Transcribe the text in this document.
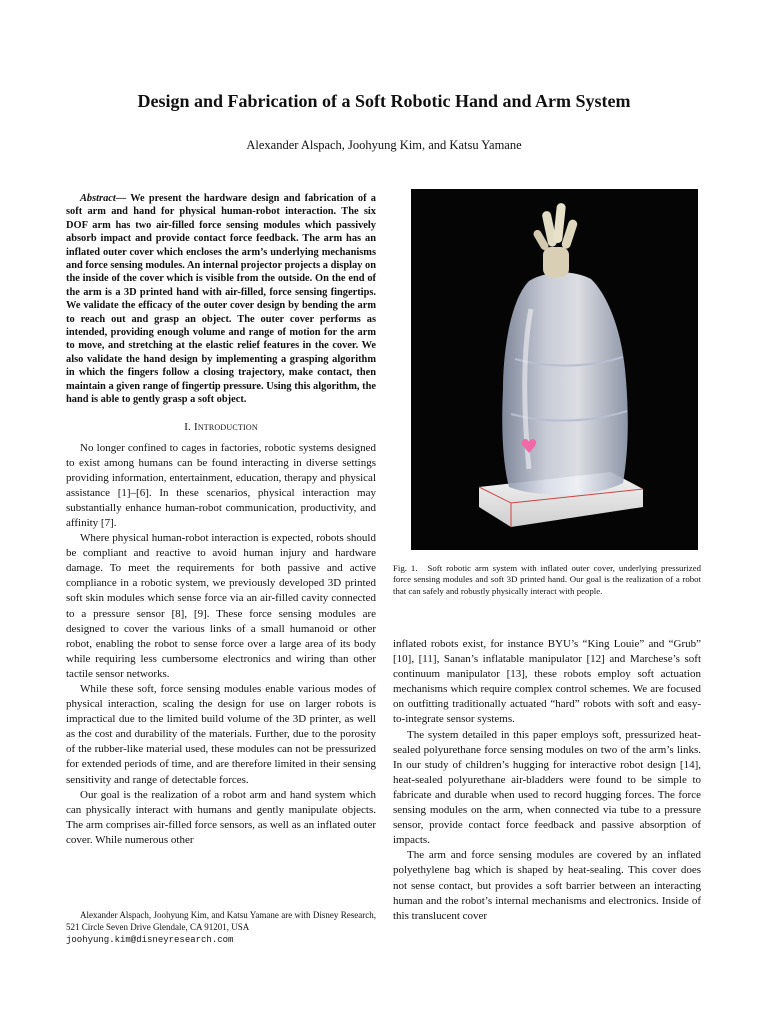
Design and Fabrication of a Soft Robotic Hand and Arm System
Alexander Alspach, Joohyung Kim, and Katsu Yamane

Abstract— We present the hardware design and fabrication of a soft arm and hand for physical human-robot interaction. The six DOF arm has two air-filled force sensing modules which passively absorb impact and provide contact force feedback. The arm has an inflated outer cover which encloses the arm’s underlying mechanisms and force sensing modules. An internal projector projects a display on the inside of the cover which is visible from the outside. On the end of the arm is a 3D printed hand with air-filled, force sensing fingertips. We validate the efficacy of the outer cover design by bending the arm to reach out and grasp an object. The outer cover performs as intended, providing enough volume and range of motion for the arm to move, and stretching at the elastic relief features in the cover. We also validate the hand design by implementing a grasping algorithm in which the fingers follow a closing trajectory, make contact, then maintain a given range of fingertip pressure. Using this algorithm, the hand is able to gently grasp a soft object.

I. Introduction

No longer confined to cages in factories, robotic systems designed to exist among humans can be found interacting in diverse settings providing information, entertainment, education, therapy and physical assistance [1]–[6]. In these scenarios, physical interaction may substantially enhance human-robot communication, productivity, and affinity [7].

Where physical human-robot interaction is expected, robots should be compliant and reactive to avoid human injury and hardware damage. To meet the requirements for both passive and active compliance in a robotic system, we previously developed 3D printed soft skin modules which sense force via an air-filled cavity connected to a pressure sensor [8], [9]. These force sensing modules are designed to cover the various links of a small humanoid or other robot, enabling the robot to sense force over a large area of its body while requiring less cumbersome electronics and wiring than other tactile sensor networks.

While these soft, force sensing modules enable various modes of physical interaction, scaling the design for use on larger robots is impractical due to the limited build volume of the 3D printer, as well as the cost and durability of the materials. Further, due to the porosity of the rubber-like material used, these modules can not be pressurized for extended periods of time, and are therefore limited in their sensing sensitivity and range of detectable forces.

Our goal is the realization of a robot arm and hand system which can physically interact with humans and gently manipulate objects. The arm comprises air-filled force sensors, as well as an inflated outer cover. While numerous other

Alexander Alspach, Joohyung Kim, and Katsu Yamane are with Disney Research, 521 Circle Seven Drive Glendale, CA 91201, USA
joohyung.kim@disneyresearch.com

Fig. 1. Soft robotic arm system with inflated outer cover, underlying pressurized force sensing modules and soft 3D printed hand. Our goal is the realization of a robot that can safely and robustly physically interact with people.

inflated robots exist, for instance BYU’s “King Louie” and “Grub” [10], [11], Sanan’s inflatable manipulator [12] and Marchese’s soft continuum manipulator [13], these robots employ soft actuation mechanisms which require complex control schemes. We are focused on outfitting traditionally actuated “hard” robots with soft and easy-to-integrate sensor systems.

The system detailed in this paper employs soft, pressurized heat-sealed polyurethane force sensing modules on two of the arm’s links. In our study of children’s hugging for interactive robot design [14], heat-sealed polyurethane air-bladders were found to be simple to fabricate and durable when used to record hugging forces. The force sensing modules on the arm, when connected via tube to a pressure sensor, provide contact force feedback and passive absorption of impacts.

The arm and force sensing modules are covered by an inflated polyethylene bag which is shaped by heat-sealing. This cover does not sense contact, but provides a soft barrier between an interacting human and the robot’s internal mechanisms and electronics. Inside of this translucent cover
